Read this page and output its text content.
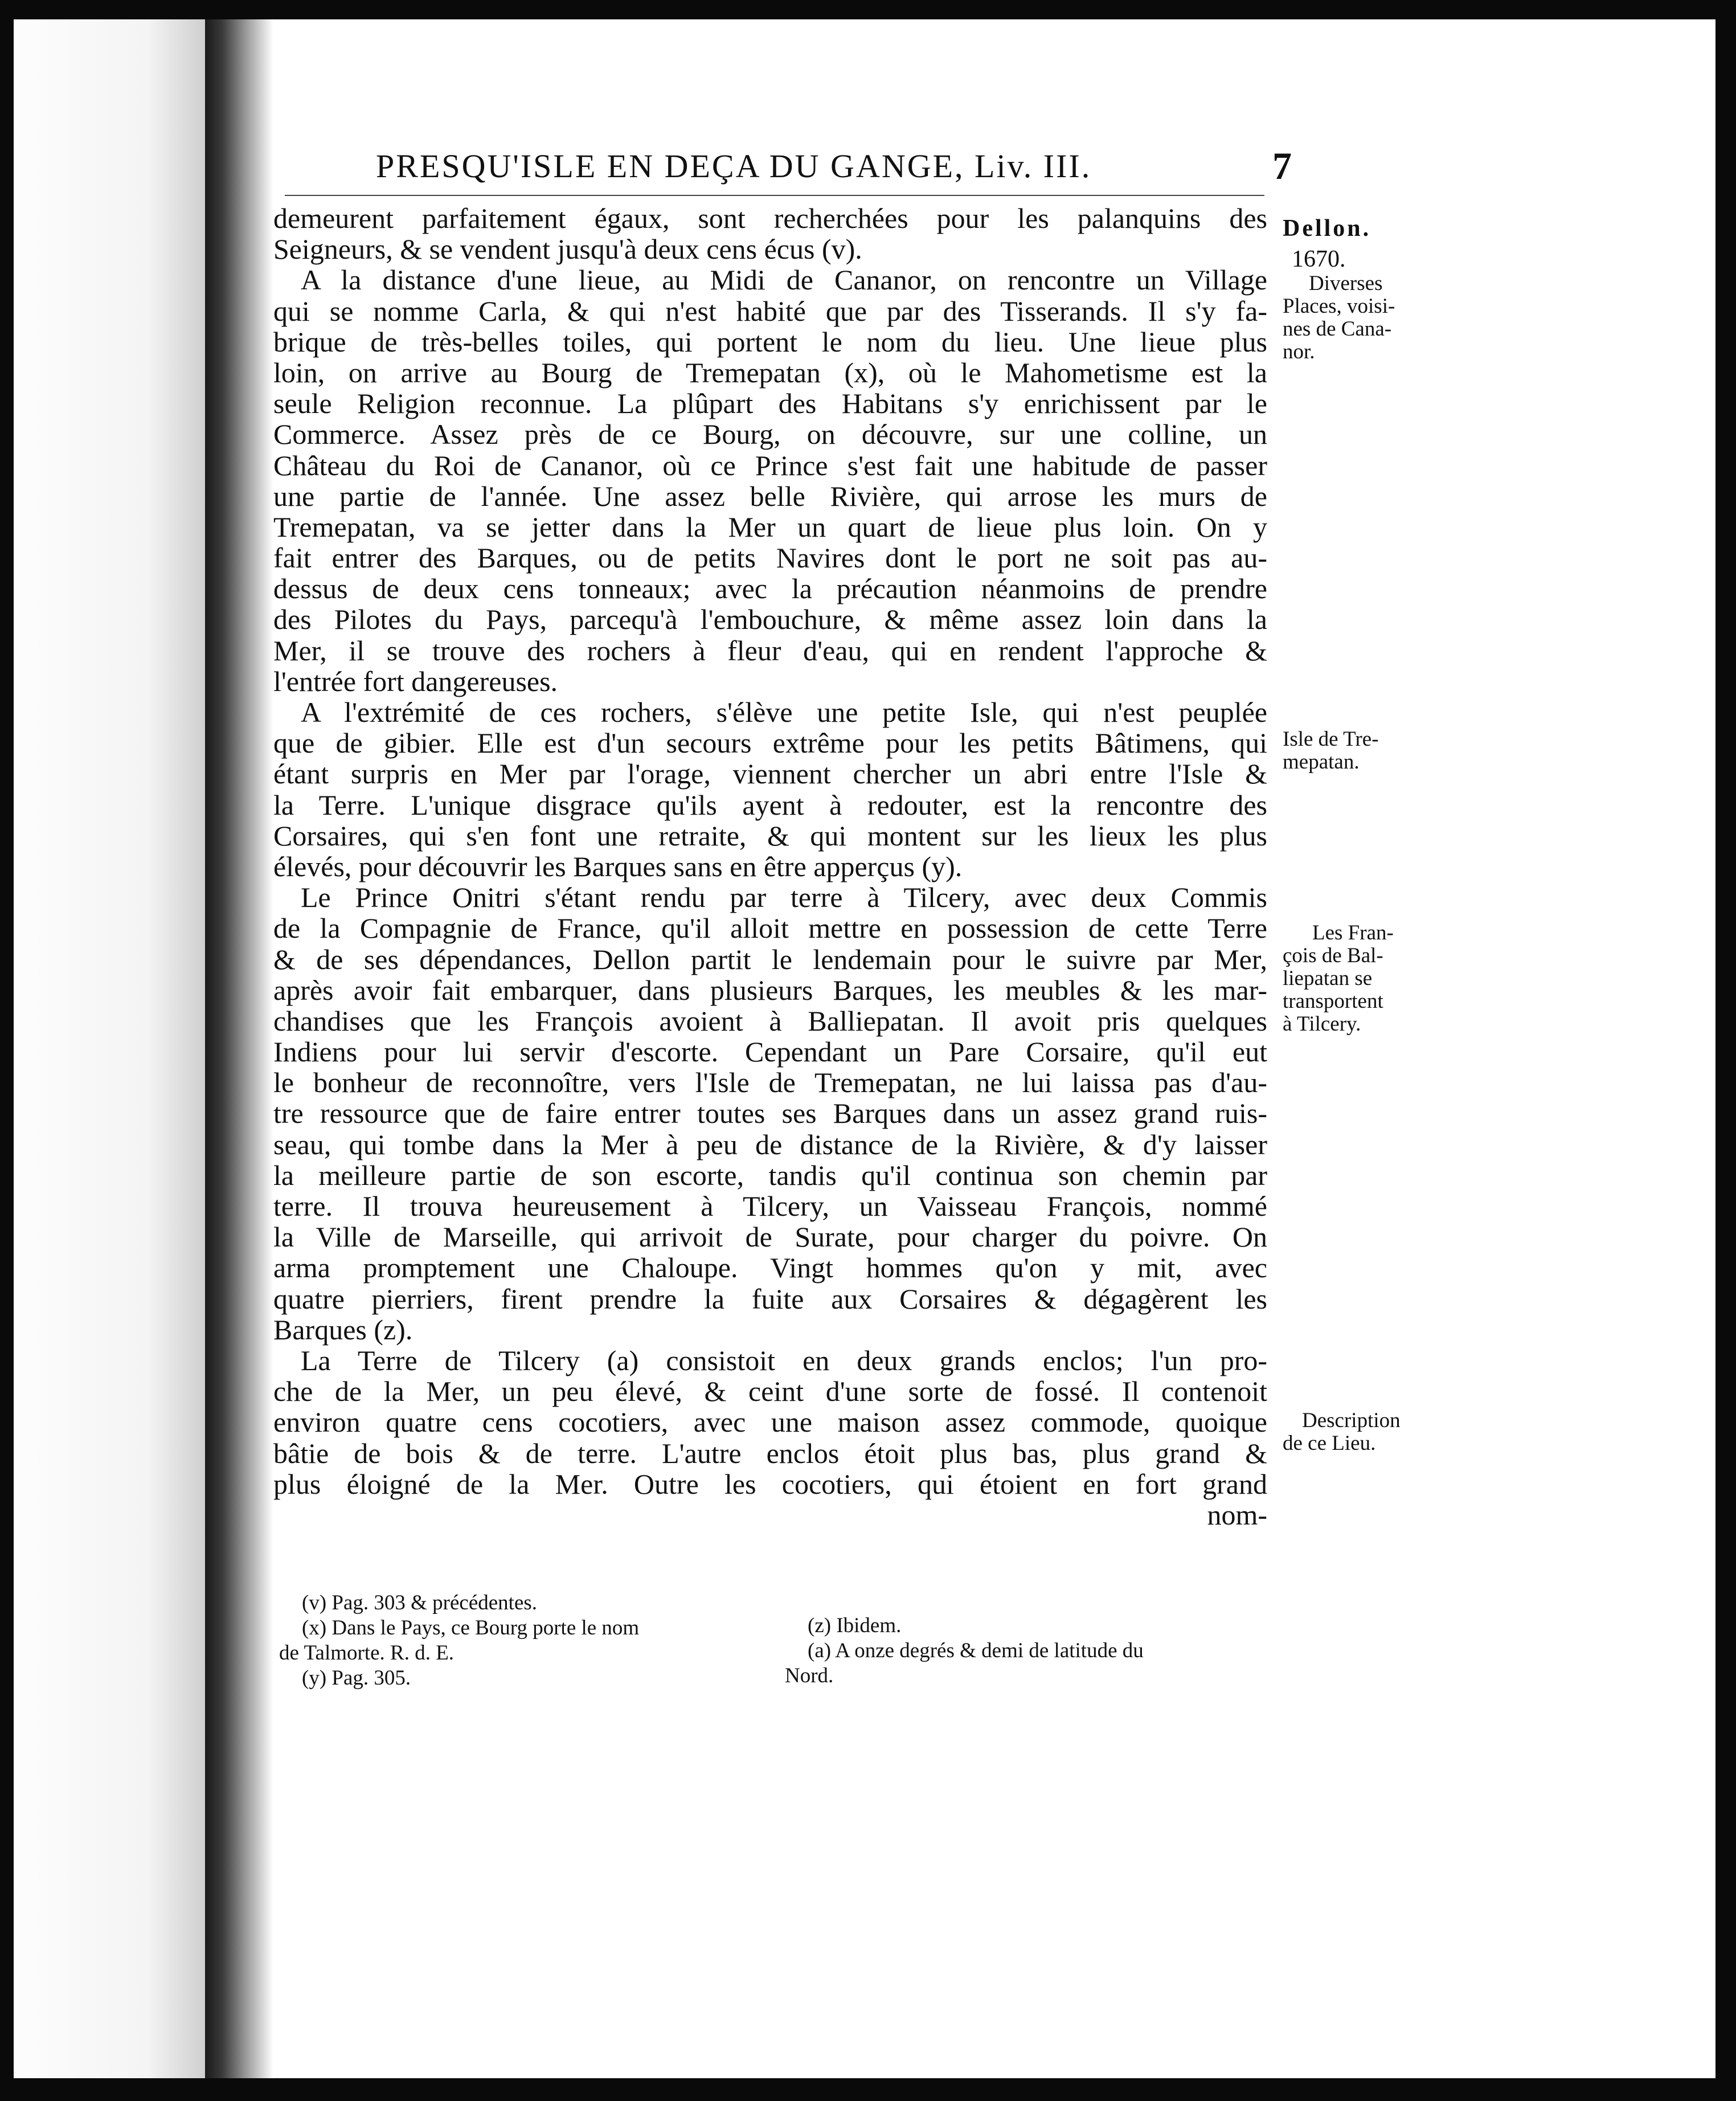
PRESQU'ISLE EN DEÇA DU GANGE, Liv. III.	7
demeurent parfaitement égaux, sont recherchées pour les palanquins des
Seigneurs, & se vendent jusqu'à deux cens écus (v).
A la distance d'une lieue, au Midi de Cananor, on rencontre un Village
qui se nomme Carla, & qui n'est habité que par des Tisserands. Il s'y fa-
brique de très-belles toiles, qui portent le nom du lieu. Une lieue plus
loin, on arrive au Bourg de Tremepatan (x), où le Mahometisme est la
seule Religion reconnue. La plûpart des Habitans s'y enrichissent par le
Commerce. Assez près de ce Bourg, on découvre, sur une colline, un
Château du Roi de Cananor, où ce Prince s'est fait une habitude de passer
une partie de l'année. Une assez belle Rivière, qui arrose les murs de
Tremepatan, va se jetter dans la Mer un quart de lieue plus loin. On y
fait entrer des Barques, ou de petits Navires dont le port ne soit pas au-
dessus de deux cens tonneaux; avec la précaution néanmoins de prendre
des Pilotes du Pays, parcequ'à l'embouchure, & même assez loin dans la
Mer, il se trouve des rochers à fleur d'eau, qui en rendent l'approche &
l'entrée fort dangereuses.
A l'extrémité de ces rochers, s'élève une petite Isle, qui n'est peuplée
que de gibier. Elle est d'un secours extrême pour les petits Bâtimens, qui
étant surpris en Mer par l'orage, viennent chercher un abri entre l'Isle &
la Terre. L'unique disgrace qu'ils ayent à redouter, est la rencontre des
Corsaires, qui s'en font une retraite, & qui montent sur les lieux les plus
élevés, pour découvrir les Barques sans en être apperçus (y).
Le Prince Onitri s'étant rendu par terre à Tilcery, avec deux Commis
de la Compagnie de France, qu'il alloit mettre en possession de cette Terre
& de ses dépendances, Dellon partit le lendemain pour le suivre par Mer,
après avoir fait embarquer, dans plusieurs Barques, les meubles & les mar-
chandises que les François avoient à Balliepatan. Il avoit pris quelques
Indiens pour lui servir d'escorte. Cependant un Pare Corsaire, qu'il eut
le bonheur de reconnoître, vers l'Isle de Tremepatan, ne lui laissa pas d'au-
tre ressource que de faire entrer toutes ses Barques dans un assez grand ruis-
seau, qui tombe dans la Mer à peu de distance de la Rivière, & d'y laisser
la meilleure partie de son escorte, tandis qu'il continua son chemin par
terre. Il trouva heureusement à Tilcery, un Vaisseau François, nommé
la Ville de Marseille, qui arrivoit de Surate, pour charger du poivre. On
arma promptement une Chaloupe. Vingt hommes qu'on y mit, avec
quatre pierriers, firent prendre la fuite aux Corsaires & dégagèrent les
Barques (z).
La Terre de Tilcery (a) consistoit en deux grands enclos; l'un pro-
che de la Mer, un peu élevé, & ceint d'une sorte de fossé. Il contenoit
environ quatre cens cocotiers, avec une maison assez commode, quoique
bâtie de bois & de terre. L'autre enclos étoit plus bas, plus grand &
plus éloigné de la Mer. Outre les cocotiers, qui étoient en fort grand
nom-
Dellon.
1670.
Diverses
Places, voisi-
nes de Cana-
nor.
Isle de Tre-
mepatan.
Les Fran-
çois de Bal-
liepatan se
transportent
à Tilcery.
Description
de ce Lieu.
(v) Pag. 303 & précédentes.
(x) Dans le Pays, ce Bourg porte le nom
de Talmorte. R. d. E.
(y) Pag. 305.
(z) Ibidem.
(a) A onze degrés & demi de latitude du
Nord.
